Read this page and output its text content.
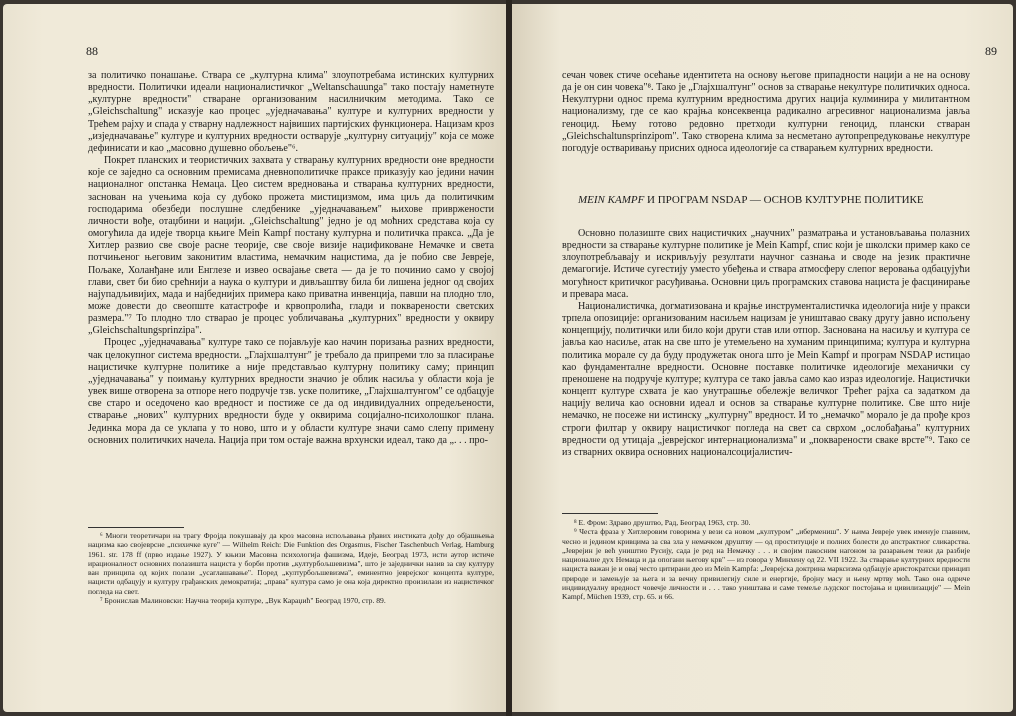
88	89

за политичко понашање. Ствара се „културна клима" злоупотребама истинских културних вредности. Политички идеали националистичког „Weltanschauunga" тако постају наметнуте „културне вредности" стваране организованим насилничким методима. Тако се „Gleichschaltung" исказује као процес „уједначавања" културе и културних вредности у Трећем рајху и спада у стварну надлежност највиших партијских функционера. Нацизам кроз „изједначавање" културе и културних вредности остварује „културну ситуацију" која се може дефинисати и као „масовно душевно обољење"⁶.

Покрет планских и теористичких захвата у стварању културних вредности оне вредности које се заједно са основним премисама дневнополитичке праксе приказују као једини начин националног опстанка Немаца. Цео систем вредновања и стварања културних вредности, заснован на учењима која су дубоко прожета мистицизмом, има циљ да политичким господарима обезбеди послушне следбенике „уједначавањем" њихове привржености личности вође, отаџбини и нацији. „Gleichschaltung" једно је од моћних средстава која су омогућила да идеје творца књиге Mein Kampf постану културна и политичка пракса. „Да је Хитлер развио све своје расне теорије, све своје визије наџификоване Немачке и света потчињеног његовим законитим властима, немачким нацистима, да је побио све Јевреје, Пољаке, Холанђане или Енглезе и извео освајање света — да је то починио само у својој глави, свет би био срећнији а наука о култури и дивљаштву била би лишена једног од својих најупадљивијих, мада и најбеднијих примера како приватна инвенција, павши на плодно тло, може довести до свеопште катастрофе и крвопролића, глади и покварености светских размера."⁷ То плодно тло стварао је процес уобличавања „културних" вредности у оквиру „Gleichschaltungsprinzipa".

Процес „уједначавања" културе тако се појављује као начин поризања разних вредности, чак целокупног система вредности. „Глајхшалтунг" је требало да припреми тло за пласирање нацистичке културне политике а није представљао културну политику саму; принцип „уједначавања" у поимању културних вредности значио је облик насиља у области која је увек више отворена за отпоре него подручје тзв. уске политике, „Глајхшалтунгом" се одбацује све старо и оседочено као вредност и постиже се да од индивидуалних опредељености, стварање „нових" културних вредности буде у оквирима социјално-психолошког плана. Јединка мора да се уклапа у то ново, што и у области културе значи само слепу примену основних политичких начела. Нација при том остаје важна врхунски идеал, тако да „. . . про-

⁶ Многи теоретичари на трагу Фројда покушавају да кроз масовна испољавања рђавих инстиката дођу до објашњења нацизма као својеврсне „психичке куге" — Wilhelm Reich: Die Funktion des Orgasmus, Fischer Taschenbuch Verlag, Hamburg 1961. str. 178 ff (прво издање 1927). У књизи Масовна психологија фашизма, Идеје, Београд 1973, исти аутор истиче ирационалност основних полазишта нациста у борби против „културбољшевизма", што је заједнички назив за сву културу ван принципа од којих полази „усаглашавање". Поред „културбољшевизма", еминентно јеврејског концепта културе, нацисти одбацују и културу грађанских демократија; „права" култура само је она која директно произилази из нацистичког погледа на свет.

⁷ Бронислав Малиновски: Научна теорија културе, „Вук Караџић" Београд 1970, стр. 89.

сечан човек стиче осећање идентитета на основу његове припадности нацији а не на основу да је он син човека"⁸. Тако је „Глајхшалтунг" основ за стварање некултуре политичких односа. Некултурни однос према културним вредностима других нација кулминира у милитантном национализму, где се као крајња консеквенца радикално агресивног национализма јавља геноцид. Њему готово редовно претходи културни геноцид, плански стваран „Gleichschaltunsprinzipom". Тако створена клима за несметано аутопрепредуковање некултуре погодује оствaривању присних односа идеологије са стварањем културних вредности.

MEIN KAMPF И ПРОГРАМ NSDAP — ОСНОВ КУЛТУРНЕ ПОЛИТИКЕ

Основно полазиште свих нацистичких „научних" разматрања и установљавања полазних вредности за стварање културне политике је Mein Kampf, спис који је школски пример како се злоупотребљавају и искривљују резултати научног сазнања и своде на језик практичне демагогије. Истиче сугестију уместо убеђења и ствара атмосферу слепог веровања одбацујући могућност критичког расуђивања. Основни циљ програмских ставова нациста је фасцинирање и преварa маса.

Националистичка, догматизована и крајње инструменталистичка идеологија није у пракси трпела опозиције: организованим насиљем нацизам је уништавао сваку другу јавно испољену концепцију, политички или било који други став или отпор. Заснована на насиљу и култура се јавља као насиље, атак на све што је утемељено на хуманим принципима; култура и културна политика морале су да буду продужетак онога што је Mein Kampf и програм NSDAP истицао као фундаменталне вредности. Основне поставке политичке идеологије механички су преношене на подручје културе; култура се тако јавља само као израз идеологије. Нацистички концепт културе схвата је као унутрашње обележје величког Трећег рајха са задатком да нацију велича као основни идеал и основ за стварање културне политике. Све што није немачко, не посеже ни истинску „културну" вредност. И то „немачко" морало је да прође кроз строги филтар у оквиру нацистичког погледа на свет са сврхом „ослобађања" културних вредности од утицаја „јеврејског интернационализма" и „покварености свакe врсте"⁹. Тако се из стварних оквира основних националсоцијалистич-

⁸ Е. Фром: Здраво друштво, Рад, Београд 1963, стр. 30.

⁹ Честа фраза у Хитлеровим говорима у вези са новом „културом" „ибермениш". У њима Јевреје увек именује главним, чесно и једином кривцима за сва зла у немачком друштву — од проституције и полних болести до апстрактног сликарства. „Јевреjин је већ уништио Русију, сада је ред на Немачку . . . и својим пакосним нагоном за разарањем тежи да разбије националне дух Немаца и да опогани његову крв" — из говора у Минхену од 22. VII 1922. За стварање културних вредности нациста важан је и овај често цитирани део из Mein Kampfa: „Јеврејска доктрина марксизма одбацује аристократски принцип природе и замењује за њега и за вечну привилегију силе и енергије, бројну масу и њену мртву моћ. Тако она одриче индивидуалну вредност човечје личности и . . . тако уништава и саме темеље људског постојања и цивилизације" — Mein Kampf, Müchen 1939, стр. 65. и 66.
